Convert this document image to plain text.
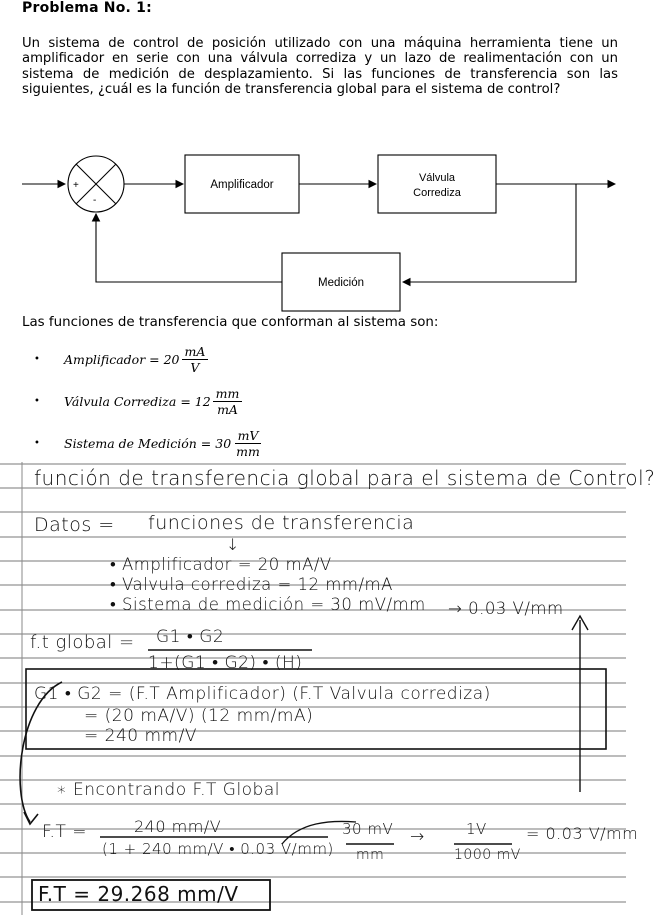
Problema No. 1:

Un sistema de control de posición utilizado con una máquina herramienta tiene un amplificador en serie con una válvula corrediza y un lazo de realimentación con un sistema de medición de desplazamiento. Si las funciones de transferencia son las siguientes, ¿cuál es la función de transferencia global para el sistema de control?

+
-
Amplificador
Válvula
Corrediza
Medición

Las funciones de transferencia que conforman al sistema son:

• Amplificador = $20 \frac{mA}{V}$
• Válvula Corrediza = $12 \frac{mm}{mA}$
• Sistema de Medición = $30 \frac{mV}{mm}$
función de transferencia global para el sistema de Control?
Datos = funciones de transferencia
↓
• Amplificador = 20 mA/V
• Valvula corrediza = 12 mm/mA
• Sistema de medición = 30 mV/mm → 0.03 V/mm
f.t global = G1 • G2
1+(G1 • G2) • (H)
G1 • G2 = (F.T Amplificador) (F.T Valvula corrediza)
= (20 mA/V) (12 mm/mA)
= 240 mm/V
∗ Encontrando F.T Global
F.T =	240 mm/V
(1 + 240 mm/V • 0.03 V/mm)
30 mV
mm
→	1V
1000 mV
= 0.03 V/mm
F.T = 29.268 mm/V
